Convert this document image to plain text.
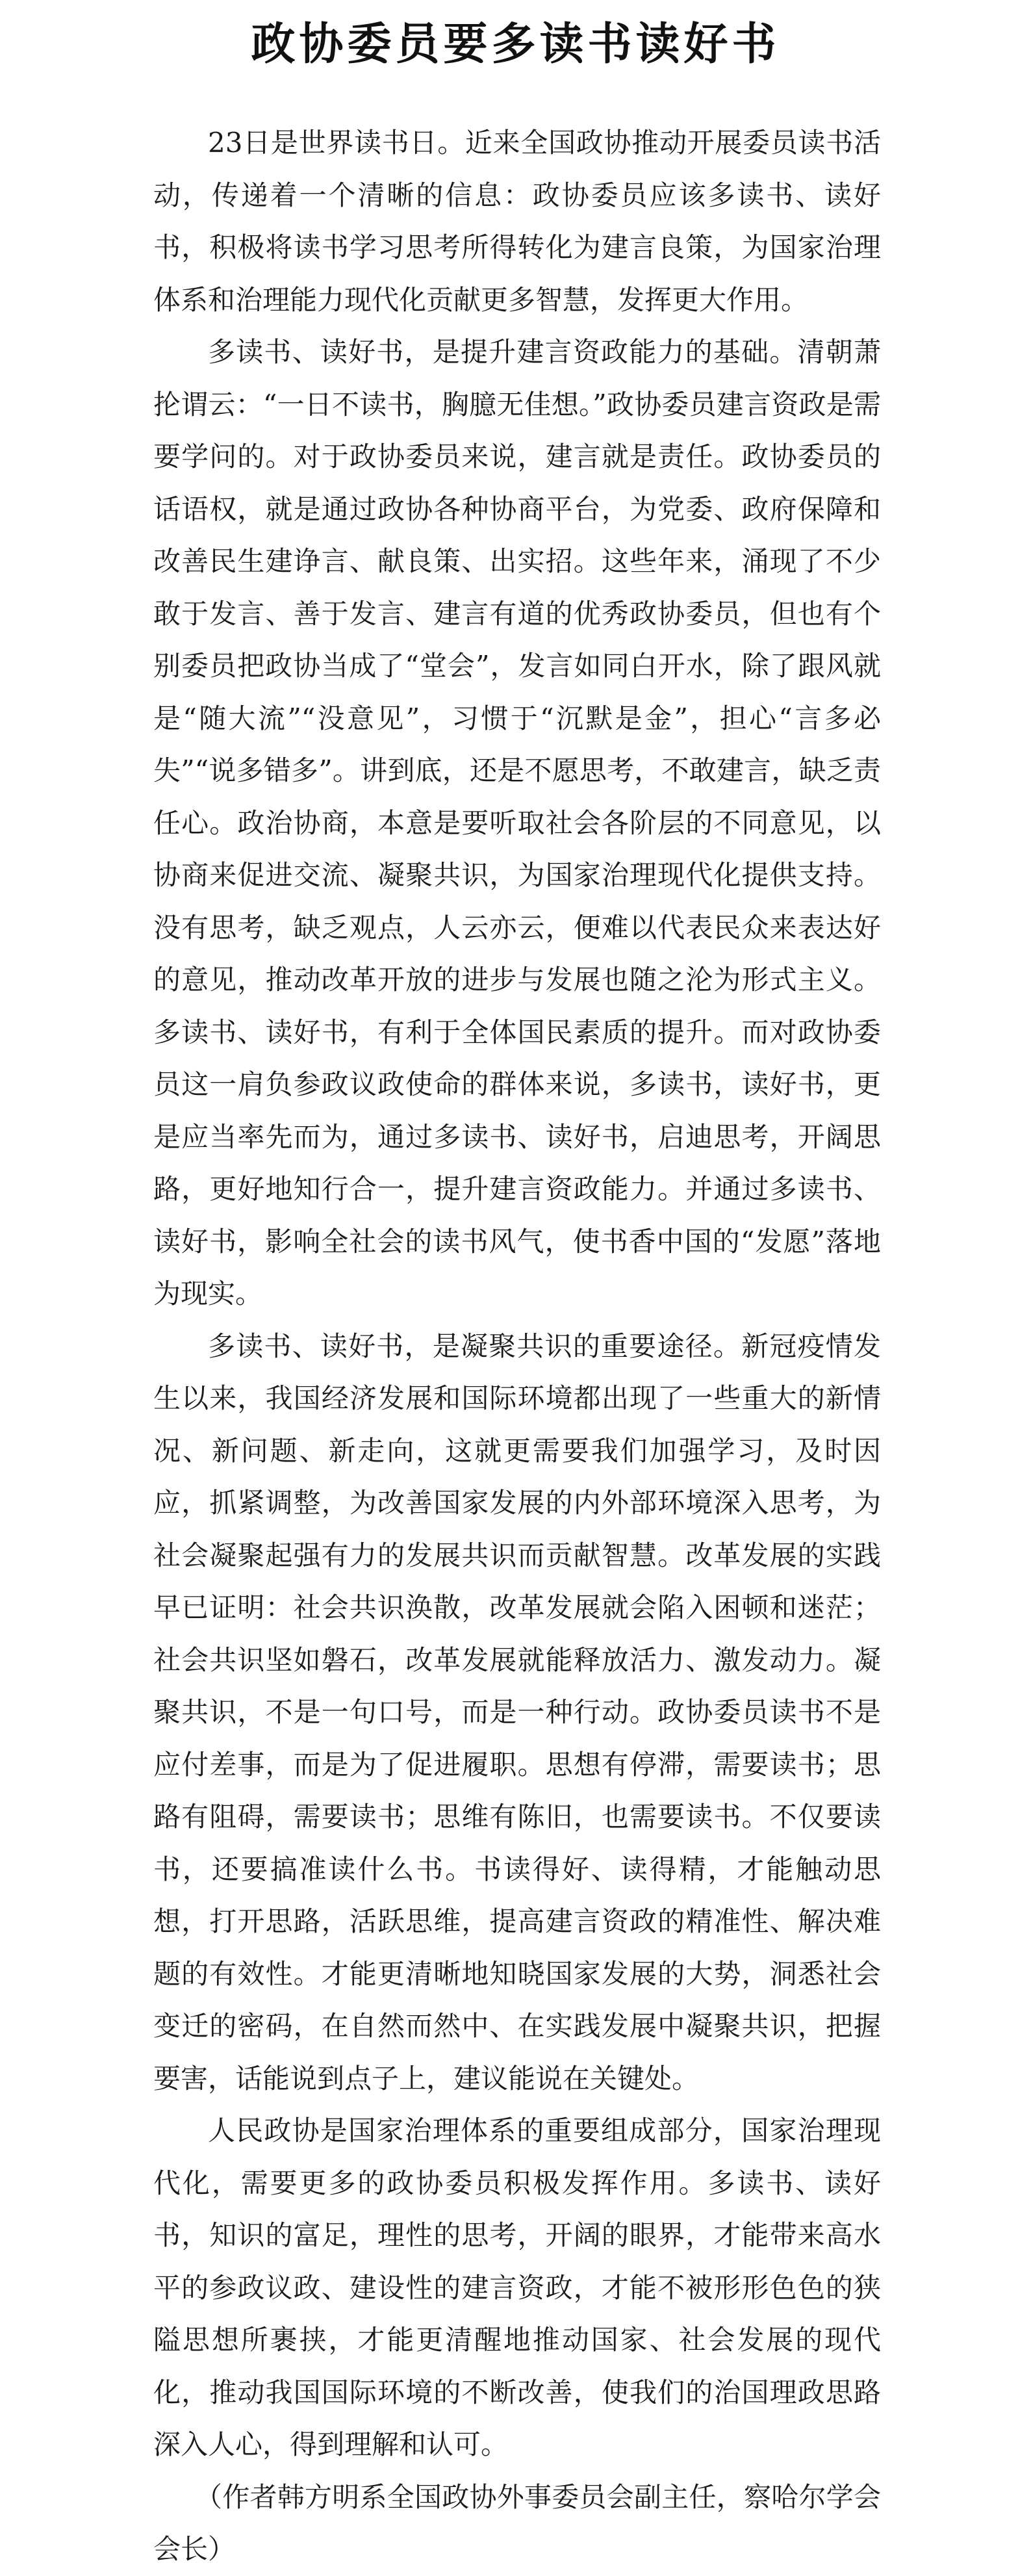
政协委员要多读书读好书

23日是世界读书日。近来全国政协推动开展委员读书活动，传递着一个清晰的信息：政协委员应该多读书、读好书，积极将读书学习思考所得转化为建言良策，为国家治理体系和治理能力现代化贡献更多智慧，发挥更大作用。

多读书、读好书，是提升建言资政能力的基础。清朝萧抡谓云：“一日不读书，胸臆无佳想。”政协委员建言资政是需要学问的。对于政协委员来说，建言就是责任。政协委员的话语权，就是通过政协各种协商平台，为党委、政府保障和改善民生建诤言、献良策、出实招。这些年来，涌现了不少敢于发言、善于发言、建言有道的优秀政协委员，但也有个别委员把政协当成了“堂会”，发言如同白开水，除了跟风就是“随大流”“没意见”，习惯于“沉默是金”，担心“言多必失”“说多错多”。讲到底，还是不愿思考，不敢建言，缺乏责任心。政治协商，本意是要听取社会各阶层的不同意见，以协商来促进交流、凝聚共识，为国家治理现代化提供支持。没有思考，缺乏观点，人云亦云，便难以代表民众来表达好的意见，推动改革开放的进步与发展也随之沦为形式主义。多读书、读好书，有利于全体国民素质的提升。而对政协委员这一肩负参政议政使命的群体来说，多读书，读好书，更是应当率先而为，通过多读书、读好书，启迪思考，开阔思路，更好地知行合一，提升建言资政能力。并通过多读书、读好书，影响全社会的读书风气，使书香中国的“发愿”落地为现实。

多读书、读好书，是凝聚共识的重要途径。新冠疫情发生以来，我国经济发展和国际环境都出现了一些重大的新情况、新问题、新走向，这就更需要我们加强学习，及时因应，抓紧调整，为改善国家发展的内外部环境深入思考，为社会凝聚起强有力的发展共识而贡献智慧。改革发展的实践早已证明：社会共识涣散，改革发展就会陷入困顿和迷茫；社会共识坚如磐石，改革发展就能释放活力、激发动力。凝聚共识，不是一句口号，而是一种行动。政协委员读书不是应付差事，而是为了促进履职。思想有停滞，需要读书；思路有阻碍，需要读书；思维有陈旧，也需要读书。不仅要读书，还要搞准读什么书。书读得好、读得精，才能触动思想，打开思路，活跃思维，提高建言资政的精准性、解决难题的有效性。才能更清晰地知晓国家发展的大势，洞悉社会变迁的密码，在自然而然中、在实践发展中凝聚共识，把握要害，话能说到点子上，建议能说在关键处。

人民政协是国家治理体系的重要组成部分，国家治理现代化，需要更多的政协委员积极发挥作用。多读书、读好书，知识的富足，理性的思考，开阔的眼界，才能带来高水平的参政议政、建设性的建言资政，才能不被形形色色的狭隘思想所裹挟，才能更清醒地推动国家、社会发展的现代化，推动我国国际环境的不断改善，使我们的治国理政思路深入人心，得到理解和认可。

（作者韩方明系全国政协外事委员会副主任，察哈尔学会会长）
